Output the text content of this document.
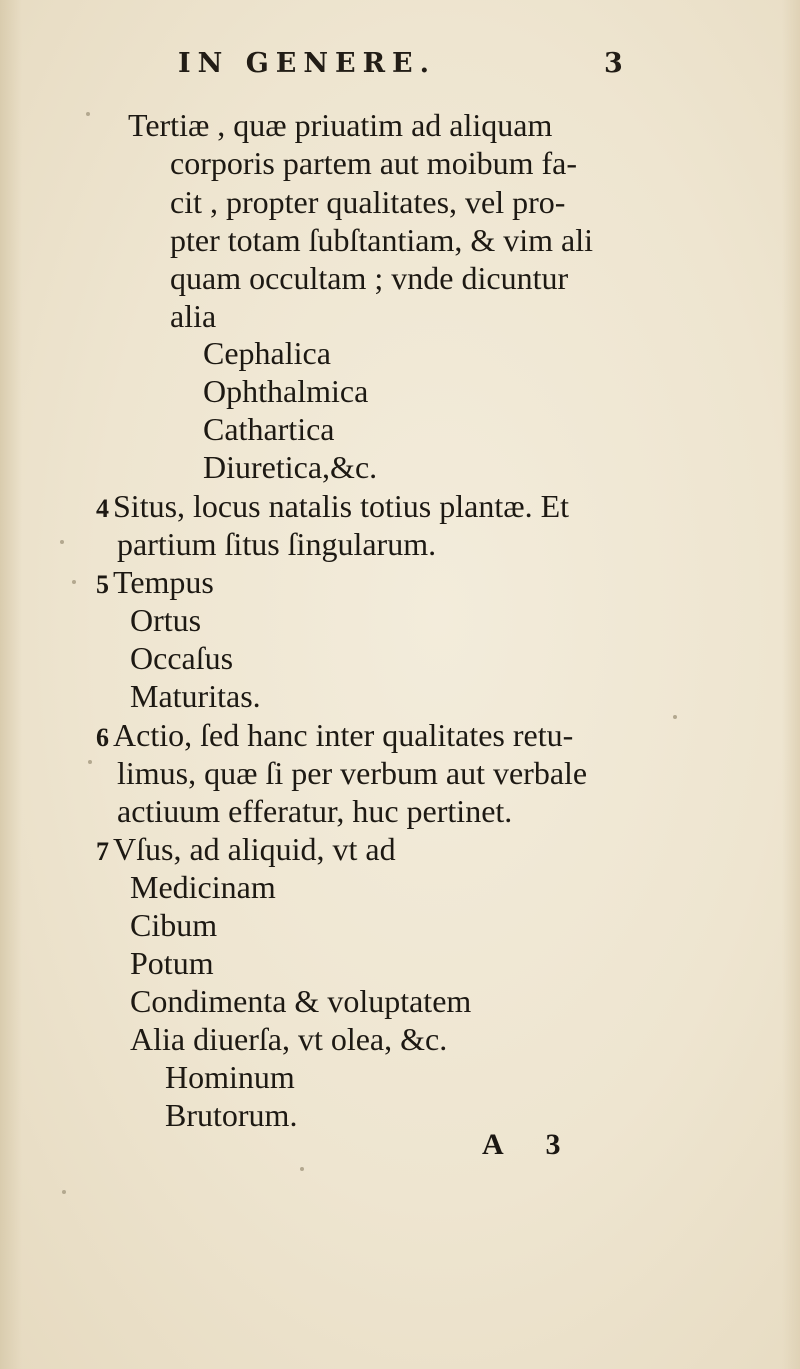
IN GENERE.	3
Tertiæ , quæ priuatim ad aliquam
corporis partem aut moibum fa-
cit , propter qualitates, vel pro-
pter totam ſubſtantiam, & vim ali
quam occultam ; vnde dicuntur
alia
Cephalica
Ophthalmica
Cathartica
Diuretica,&c.
4 Situs, locus natalis totius plantæ. Et
partium ſitus ſingularum.
5 Tempus
Ortus
Occaſus
Maturitas.
6 Actio, ſed hanc inter qualitates retu-
limus, quæ ſi per verbum aut verbale
actiuum efferatur, huc pertinet.
7 Vſus, ad aliquid, vt ad
Medicinam
Cibum
Potum
Condimenta & voluptatem
Alia diuerſa, vt olea, &c.
Hominum
Brutorum.
A 3
